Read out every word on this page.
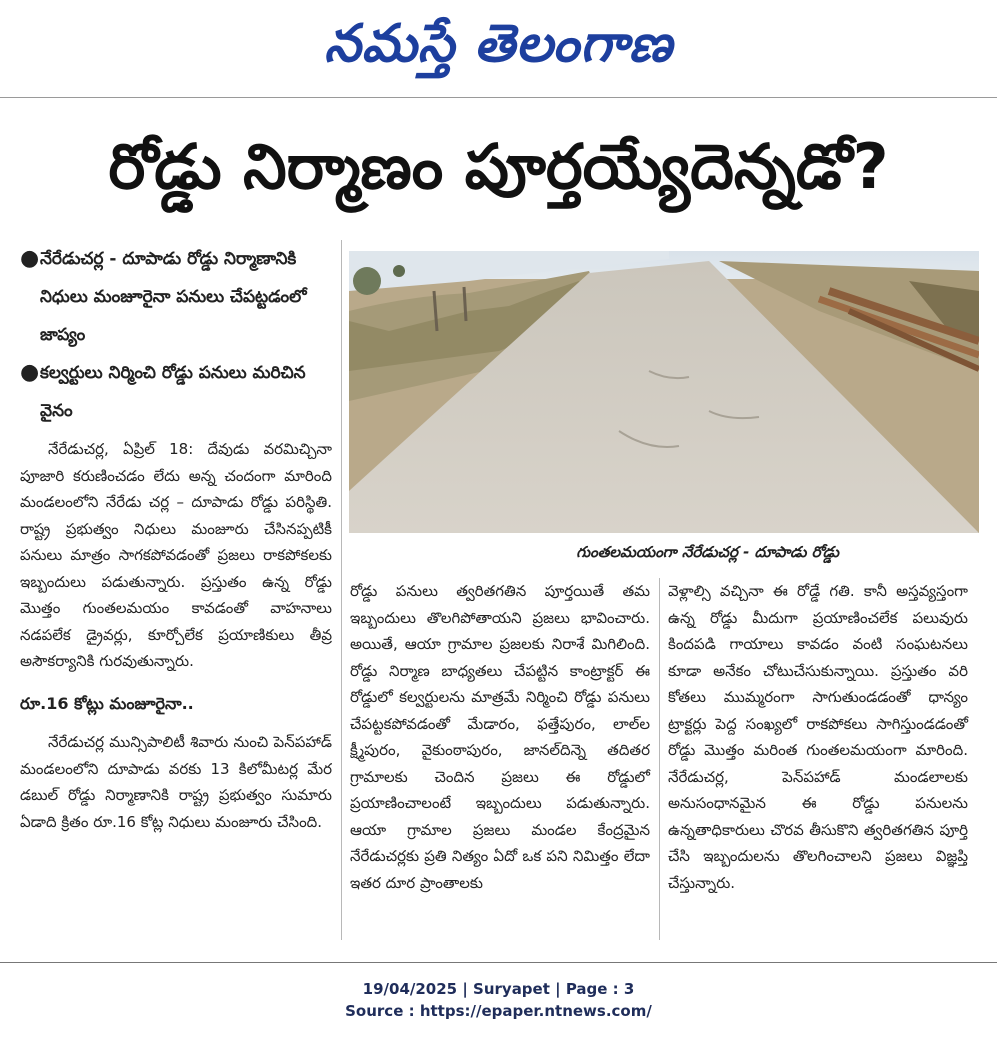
నమస్తే తెలంగాణ
రోడ్డు నిర్మాణం పూర్తయ్యేదెన్నడో?
● నేరేడుచర్ల - దూపాడు రోడ్డు నిర్మాణానికి నిధులు మంజూరైనా పనులు చేపట్టడంలో జాప్యం
● కల్వర్టులు నిర్మించి రోడ్డు పనులు మరిచిన వైనం

నేరేడుచర్ల, ఏప్రిల్ 18: దేవుడు వరమిచ్చినా పూజారి కరుణించడం లేదు అన్న చందంగా మారింది మండలంలోని నేరేడు చర్ల – దూపాడు రోడ్డు పరిస్థితి. రాష్ట్ర ప్రభుత్వం నిధులు మంజూరు చేసినప్పటికీ పనులు మాత్రం సాగకపోవడంతో ప్రజలు రాకపోకలకు ఇబ్బందులు పడుతున్నారు. ప్రస్తుతం ఉన్న రోడ్డు మొత్తం గుంతలమయం కావడంతో వాహనాలు నడపలేక డ్రైవర్లు, కూర్చోలేక ప్రయాణికులు తీవ్ర అసౌకర్యానికి గురవుతున్నారు.

రూ.16 కోట్లు మంజూరైనా..

నేరేడుచర్ల మున్సిపాలిటీ శివారు నుంచి పెన్‌పహాడ్ మండలంలోని దూపాడు వరకు 13 కిలోమీటర్ల మేర డబుల్ రోడ్డు నిర్మాణానికి రాష్ట్ర ప్రభుత్వం సుమారు ఏడాది క్రితం రూ.16 కోట్ల నిధులు మంజూరు చేసింది.

గుంతలమయంగా నేరేడుచర్ల - దూపాడు రోడ్డు

రోడ్డు పనులు త్వరితగతిన పూర్తయితే తమ ఇబ్బందులు తొలగిపోతాయని ప్రజలు భావించారు. అయితే, ఆయా గ్రామాల ప్రజలకు నిరాశే మిగిలింది. రోడ్డు నిర్మాణ బాధ్యతలు చేపట్టిన కాంట్రాక్టర్ ఈ రోడ్డులో కల్వర్టులను మాత్రమే నిర్మించి రోడ్డు పనులు చేపట్టకపోవడంతో మేడారం, ఫత్తేపురం, లాల్‌ల క్ష్మీపురం, వైకుంఠాపురం, జానల్‌దిన్నె తదితర గ్రామాలకు చెందిన ప్రజలు ఈ రోడ్డులో ప్రయాణించాలంటే ఇబ్బందులు పడుతున్నారు. ఆయా గ్రామాల ప్రజలు మండల కేంద్రమైన నేరేడుచర్లకు ప్రతి నిత్యం ఏదో ఒక పని నిమిత్తం లేదా ఇతర దూర ప్రాంతాలకు

వెళ్లాల్సి వచ్చినా ఈ రోడ్డే గతి. కానీ అస్తవ్యస్తంగా ఉన్న రోడ్డు మీదుగా ప్రయాణించలేక పలువురు కిందపడి గాయాలు కావడం వంటి సంఘటనలు కూడా అనేకం చోటుచేసుకున్నాయి. ప్రస్తుతం వరి కోతలు ముమ్మరంగా సాగుతుండడంతో ధాన్యం ట్రాక్టర్లు పెద్ద సంఖ్యలో రాకపోకలు సాగిస్తుండడంతో రోడ్డు మొత్తం మరింత గుంతలమయంగా మారింది. నేరేడుచర్ల, పెన్‌పహాడ్ మండలాలకు అనుసంధానమైన ఈ రోడ్డు పనులను ఉన్నతాధికారులు చొరవ తీసుకొని త్వరితగతిన పూర్తి చేసి ఇబ్బందులను తొలగించాలని ప్రజలు విజ్ఞప్తి చేస్తున్నారు.

19/04/2025 | Suryapet | Page : 3
Source : https://epaper.ntnews.com/
